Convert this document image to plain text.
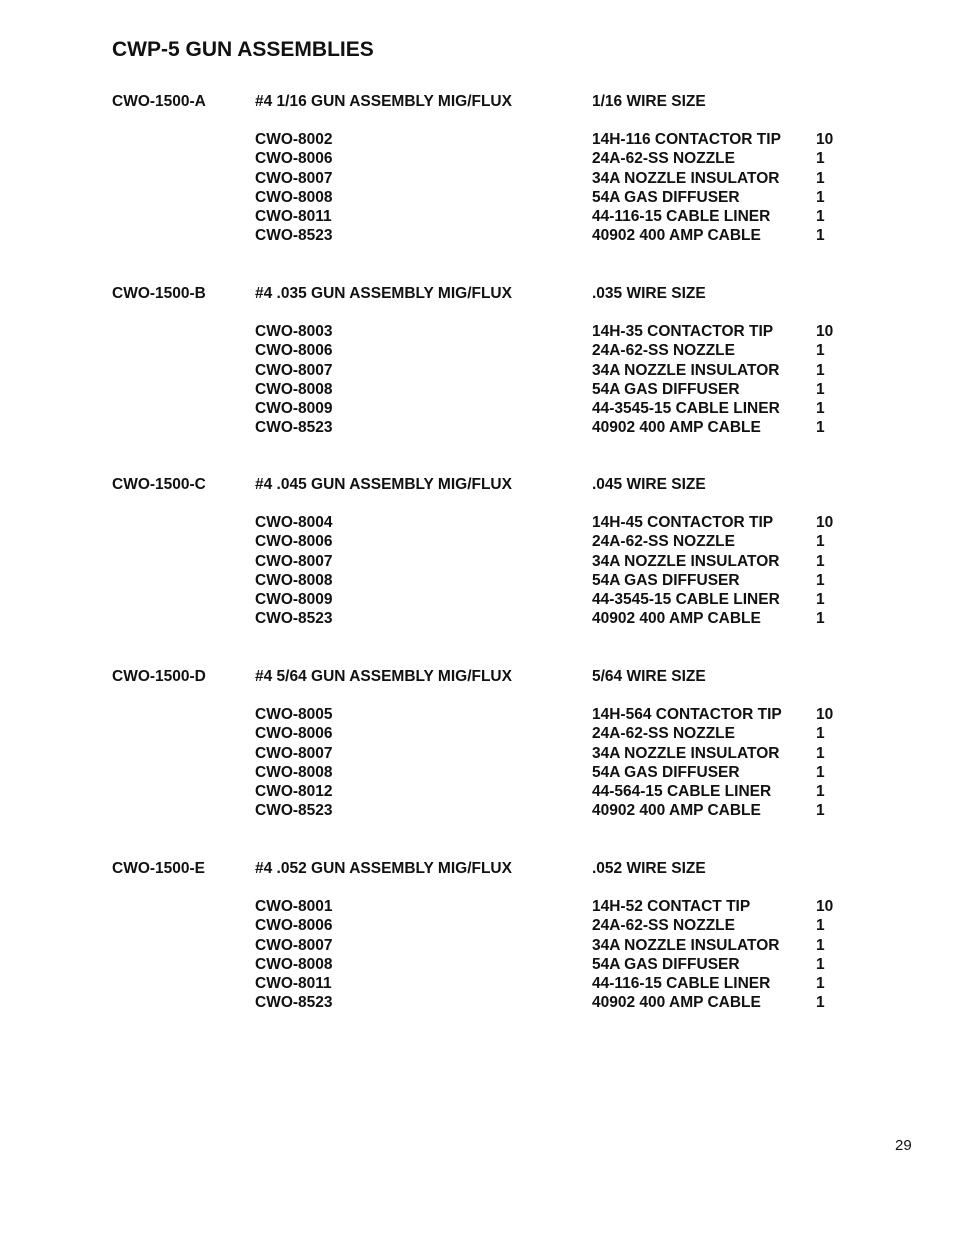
CWP-5 GUN ASSEMBLIES
CWO-1500-A	#4 1/16 GUN ASSEMBLY MIG/FLUX	1/16 WIRE SIZE
CWO-8002	14H-116 CONTACTOR TIP 10
CWO-8006	24A-62-SS NOZZLE	1
CWO-8007	34A NOZZLE INSULATOR 1
CWO-8008	54A GAS DIFFUSER	1
CWO-8011	44-116-15 CABLE LINER	1
CWO-8523	40902 400 AMP CABLE	1
CWO-1500-B	#4 .035 GUN ASSEMBLY MIG/FLUX	.035 WIRE SIZE
CWO-8003	14H-35 CONTACTOR TIP	10
CWO-8006	24A-62-SS NOZZLE	1
CWO-8007	34A NOZZLE INSULATOR 1
CWO-8008	54A GAS DIFFUSER	1
CWO-8009	44-3545-15 CABLE LINER 1
CWO-8523	40902 400 AMP CABLE	1
CWO-1500-C	#4 .045 GUN ASSEMBLY MIG/FLUX	.045 WIRE SIZE
CWO-8004	14H-45 CONTACTOR TIP	10
CWO-8006	24A-62-SS NOZZLE	1
CWO-8007	34A NOZZLE INSULATOR 1
CWO-8008	54A GAS DIFFUSER	1
CWO-8009	44-3545-15 CABLE LINER 1
CWO-8523	40902 400 AMP CABLE	1
CWO-1500-D	#4 5/64 GUN ASSEMBLY MIG/FLUX	5/64 WIRE SIZE
CWO-8005	14H-564 CONTACTOR TIP 10
CWO-8006	24A-62-SS NOZZLE	1
CWO-8007	34A NOZZLE INSULATOR 1
CWO-8008	54A GAS DIFFUSER	1
CWO-8012	44-564-15 CABLE LINER	1
CWO-8523	40902 400 AMP CABLE	1
CWO-1500-E	#4 .052 GUN ASSEMBLY MIG/FLUX	.052 WIRE SIZE
CWO-8001	14H-52 CONTACT TIP	10
CWO-8006	24A-62-SS NOZZLE	1
CWO-8007	34A NOZZLE INSULATOR 1
CWO-8008	54A GAS DIFFUSER	1
CWO-8011	44-116-15 CABLE LINER	1
CWO-8523	40902 400 AMP CABLE	1
29
